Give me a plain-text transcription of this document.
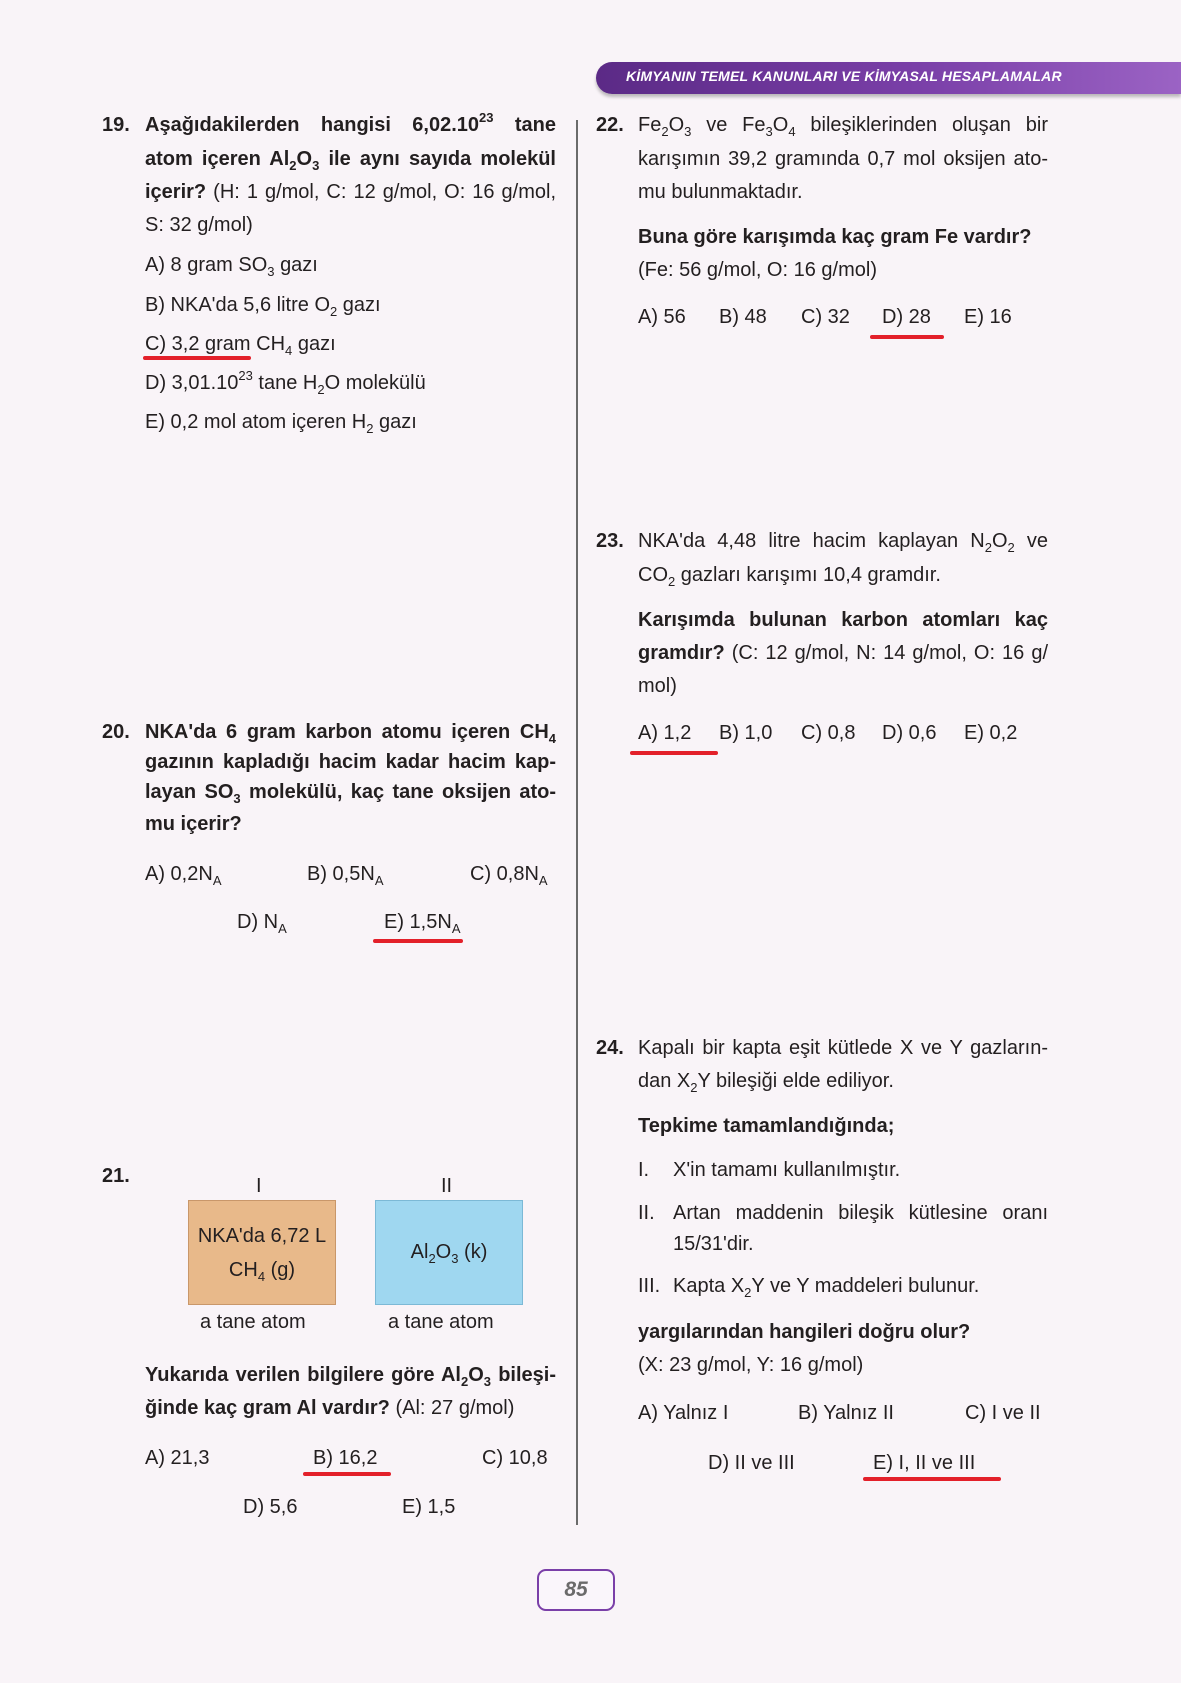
KİMYANIN TEMEL KANUNLARI VE KİMYASAL HESAPLAMALAR
19. Aşağıdakilerden hangisi 6,02.10$^{23}$ tane
atom içeren $Al_2O_3$ ile aynı sayıda molekül
içerir? (H: 1 g/mol, C: 12 g/mol, O: 16 g/mol,
S: 32 g/mol)
A) 8 gram $SO_3$ gazı
B) NKA'da 5,6 litre $O_2$ gazı
C) 3,2 gram $CH_4$ gazı
D) 3,01.10$^{23}$ tane $H_2O$ molekülü
E) 0,2 mol atom içeren $H_2$ gazı
20. NKA'da 6 gram karbon atomu içeren $CH_4$
gazının kapladığı hacim kadar hacim kap-
layan $SO_3$ molekülü, kaç tane oksijen ato-
mu içerir?
A) $0,2N_A$	B) $0,5N_A$	C) $0,8N_A$
D) $N_A$	E) $1,5N_A$
21.	I	II
NKA'da 6,72 L
$CH_4$ (g)
$Al_2O_3$ (k)
a tane atom	a tane atom
Yukarıda verilen bilgilere göre $Al_2O_3$ bileşi-
ğinde kaç gram Al vardır? (Al: 27 g/mol)
A) 21,3	B) 16,2	C) 10,8
D) 5,6	E) 1,5
22. $Fe_2O_3$ ve $Fe_3O_4$ bileşiklerinden oluşan bir
karışımın 39,2 gramında 0,7 mol oksijen ato-
mu bulunmaktadır.
Buna göre karışımda kaç gram Fe vardır?
(Fe: 56 g/mol, O: 16 g/mol)
A) 56 B) 48 C) 32 D) 28 E) 16
23. NKA'da 4,48 litre hacim kaplayan $N_2O_2$ ve
$CO_2$ gazları karışımı 10,4 gramdır.
Karışımda bulunan karbon atomları kaç
gramdır? (C: 12 g/mol, N: 14 g/mol, O: 16 g/
mol)
A) 1,2 B) 1,0 C) 0,8 D) 0,6 E) 0,2
24. Kapalı bir kapta eşit kütlede X ve Y gazların-
dan $X_2Y$ bileşiği elde ediliyor.
Tepkime tamamlandığında;
I. X'in tamamı kullanılmıştır.
II. Artan maddenin bileşik kütlesine oranı
15/31'dir.
III. Kapta $X_2Y$ ve Y maddeleri bulunur.
yargılarından hangileri doğru olur?
(X: 23 g/mol, Y: 16 g/mol)
A) Yalnız I	B) Yalnız II	C) I ve II
D) II ve III	E) I, II ve III
85
